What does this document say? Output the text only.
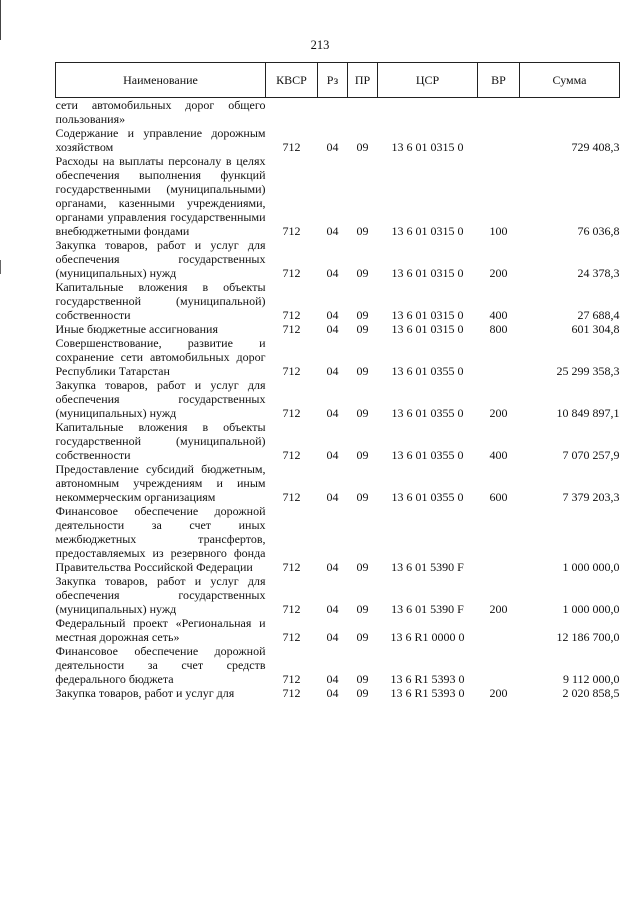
213
Наименование	КВСР	Рз	ПР	ЦСР	ВР	Сумма
сети автомобильных дорог общего пользования»						
Содержание и управление дорожным хозяйством	712	04	09	13 6 01 0315 0		729 408,3
Расходы на выплаты персоналу в целях обеспечения выполнения функций государственными (муниципальными) органами, казенными учреждениями, органами управления государственными внебюджетными фондами	712	04	09	13 6 01 0315 0	100	76 036,8
Закупка товаров, работ и услуг для обеспечения государственных (муниципальных) нужд	712	04	09	13 6 01 0315 0	200	24 378,3
Капитальные вложения в объекты государственной (муниципальной) собственности	712	04	09	13 6 01 0315 0	400	27 688,4
Иные бюджетные ассигнования	712	04	09	13 6 01 0315 0	800	601 304,8
Совершенствование, развитие и сохранение сети автомобильных дорог Республики Татарстан	712	04	09	13 6 01 0355 0		25 299 358,3
Закупка товаров, работ и услуг для обеспечения государственных (муниципальных) нужд	712	04	09	13 6 01 0355 0	200	10 849 897,1
Капитальные вложения в объекты государственной (муниципальной) собственности	712	04	09	13 6 01 0355 0	400	7 070 257,9
Предоставление субсидий бюджетным, автономным учреждениям и иным некоммерческим организациям	712	04	09	13 6 01 0355 0	600	7 379 203,3
Финансовое обеспечение дорожной деятельности за счет иных межбюджетных трансфертов, предоставляемых из резервного фонда Правительства Российской Федерации	712	04	09	13 6 01 5390 F		1 000 000,0
Закупка товаров, работ и услуг для обеспечения государственных (муниципальных) нужд	712	04	09	13 6 01 5390 F	200	1 000 000,0
Федеральный проект «Региональная и местная дорожная сеть»	712	04	09	13 6 R1 0000 0		12 186 700,0
Финансовое обеспечение дорожной деятельности за счет средств федерального бюджета	712	04	09	13 6 R1 5393 0		9 112 000,0
Закупка товаров, работ и услуг для	712	04	09	13 6 R1 5393 0	200	2 020 858,5
